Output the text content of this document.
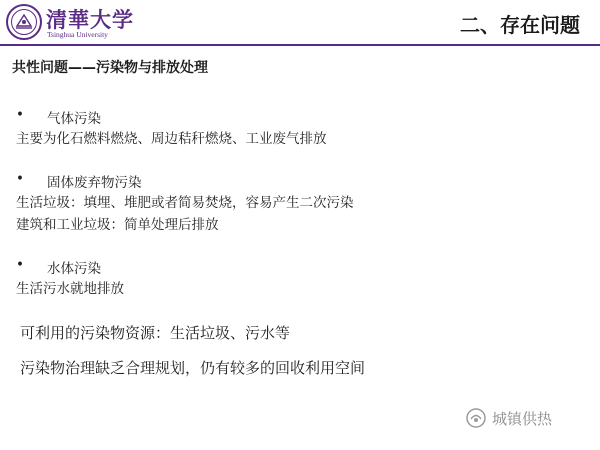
清華大学
Tsinghua University	二、存在问题
共性问题——污染物与排放处理
• 气体污染
主要为化石燃料燃烧、周边秸秆燃烧、工业废气排放
• 固体废弃物污染
生活垃圾：填埋、堆肥或者简易焚烧，容易产生二次污染
建筑和工业垃圾：简单处理后排放
• 水体污染
生活污水就地排放
可利用的污染物资源：生活垃圾、污水等
污染物治理缺乏合理规划，仍有较多的回收利用空间
城镇供热
